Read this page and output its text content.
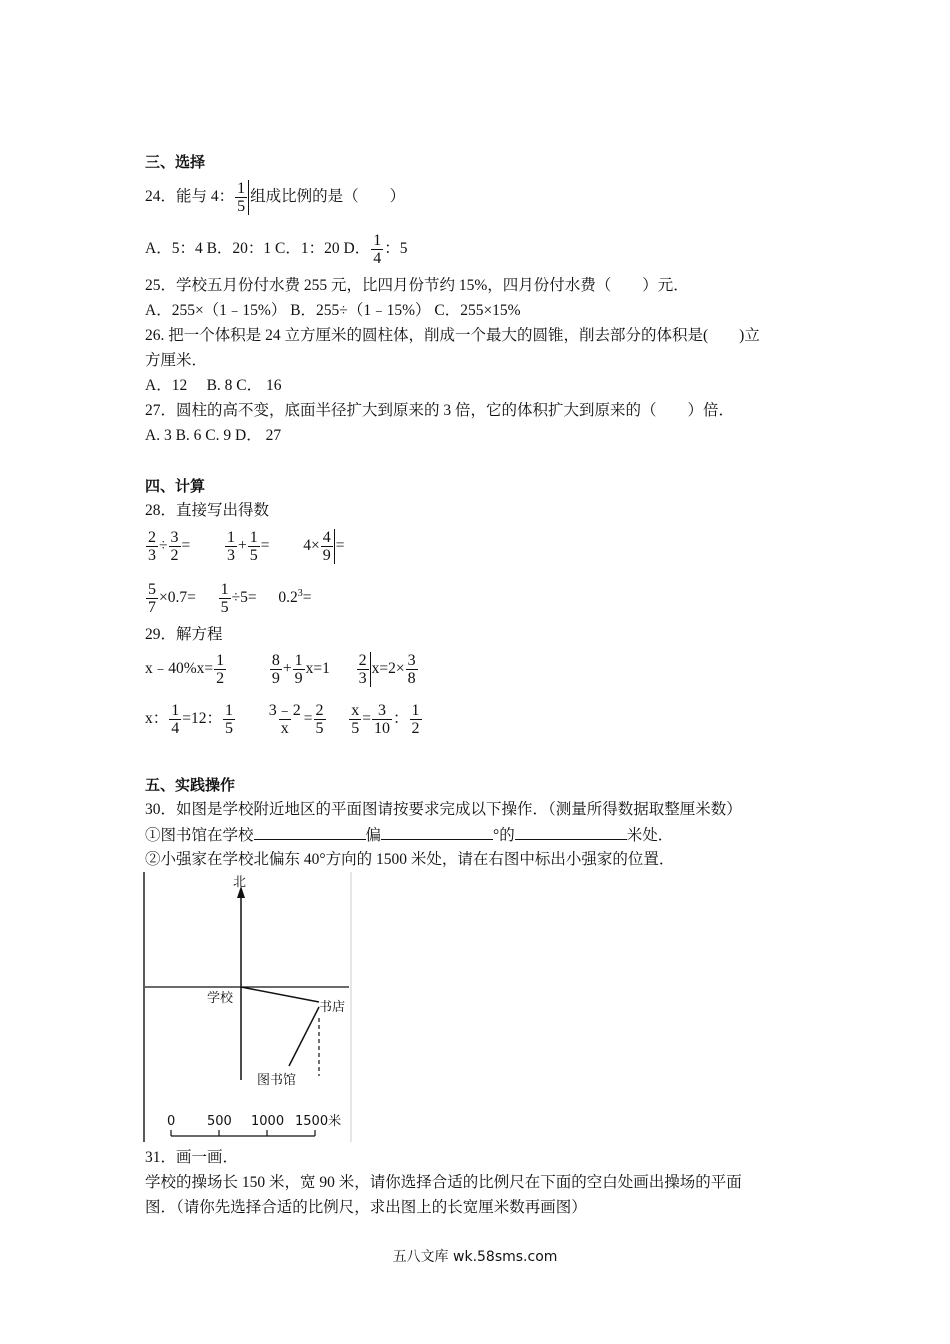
三、选择
24．能与 4： $\frac{1}{5}$ 组成比例的是（　　）
A．5：4 B．20：1 C．1：20 D． $\frac{1}{4}$ ：5
25．学校五月份付水费 255 元，比四月份节约 15%，四月份付水费（　　）元．
A．255×（1﹣15%） B．255÷（1﹣15%） C．255×15%
26. 把一个体积是 24 立方厘米的圆柱体，削成一个最大的圆锥，削去部分的体积是(　　)立
方厘米．
A．12　 B. 8 C． 16
27．圆柱的高不变，底面半径扩大到原来的 3 倍，它的体积扩大到原来的（　　）倍．
A. 3 B. 6 C. 9 D． 27
四、计算
28．直接写出得数
$\frac{2}{3} \div \frac{3}{2} = \frac{1}{3} + \frac{1}{5} = 4\times \frac{4}{9}$ =
$\frac{5}{7} \times 0.7= \frac{1}{5} \div 5= 0.2^3=$
29．解方程
x﹣40%x= $\frac{1}{2}$
	$\frac{8}{9} + \frac{1}{9} x=1 \frac{2}{3} x=2\times \frac{3}{8}$
x： $\frac{1}{4} =12$： $\frac{1}{5}$
$\frac{3﹣2}{x} = \frac{2}{5}$
$\frac{x}{5} = \frac{3}{10}$ ： $\frac{1}{2}$
五、实践操作
30．如图是学校附近地区的平面图请按要求完成以下操作．（测量所得数据取整厘米数）
①图书馆在学校	偏	°的	米处．
②小强家在学校北偏东 40°方向的 1500 米处，请在右图中标出小强家的位置．
北
学校
书店
图书馆
0 500 1000 1500米
31．画一画．
学校的操场长 150 米，宽 90 米，请你选择合适的比例尺在下面的空白处画出操场的平面
图．（请你先选择合适的比例尺，求出图上的长宽厘米数再画图）
五八文库 wk.58sms.com
